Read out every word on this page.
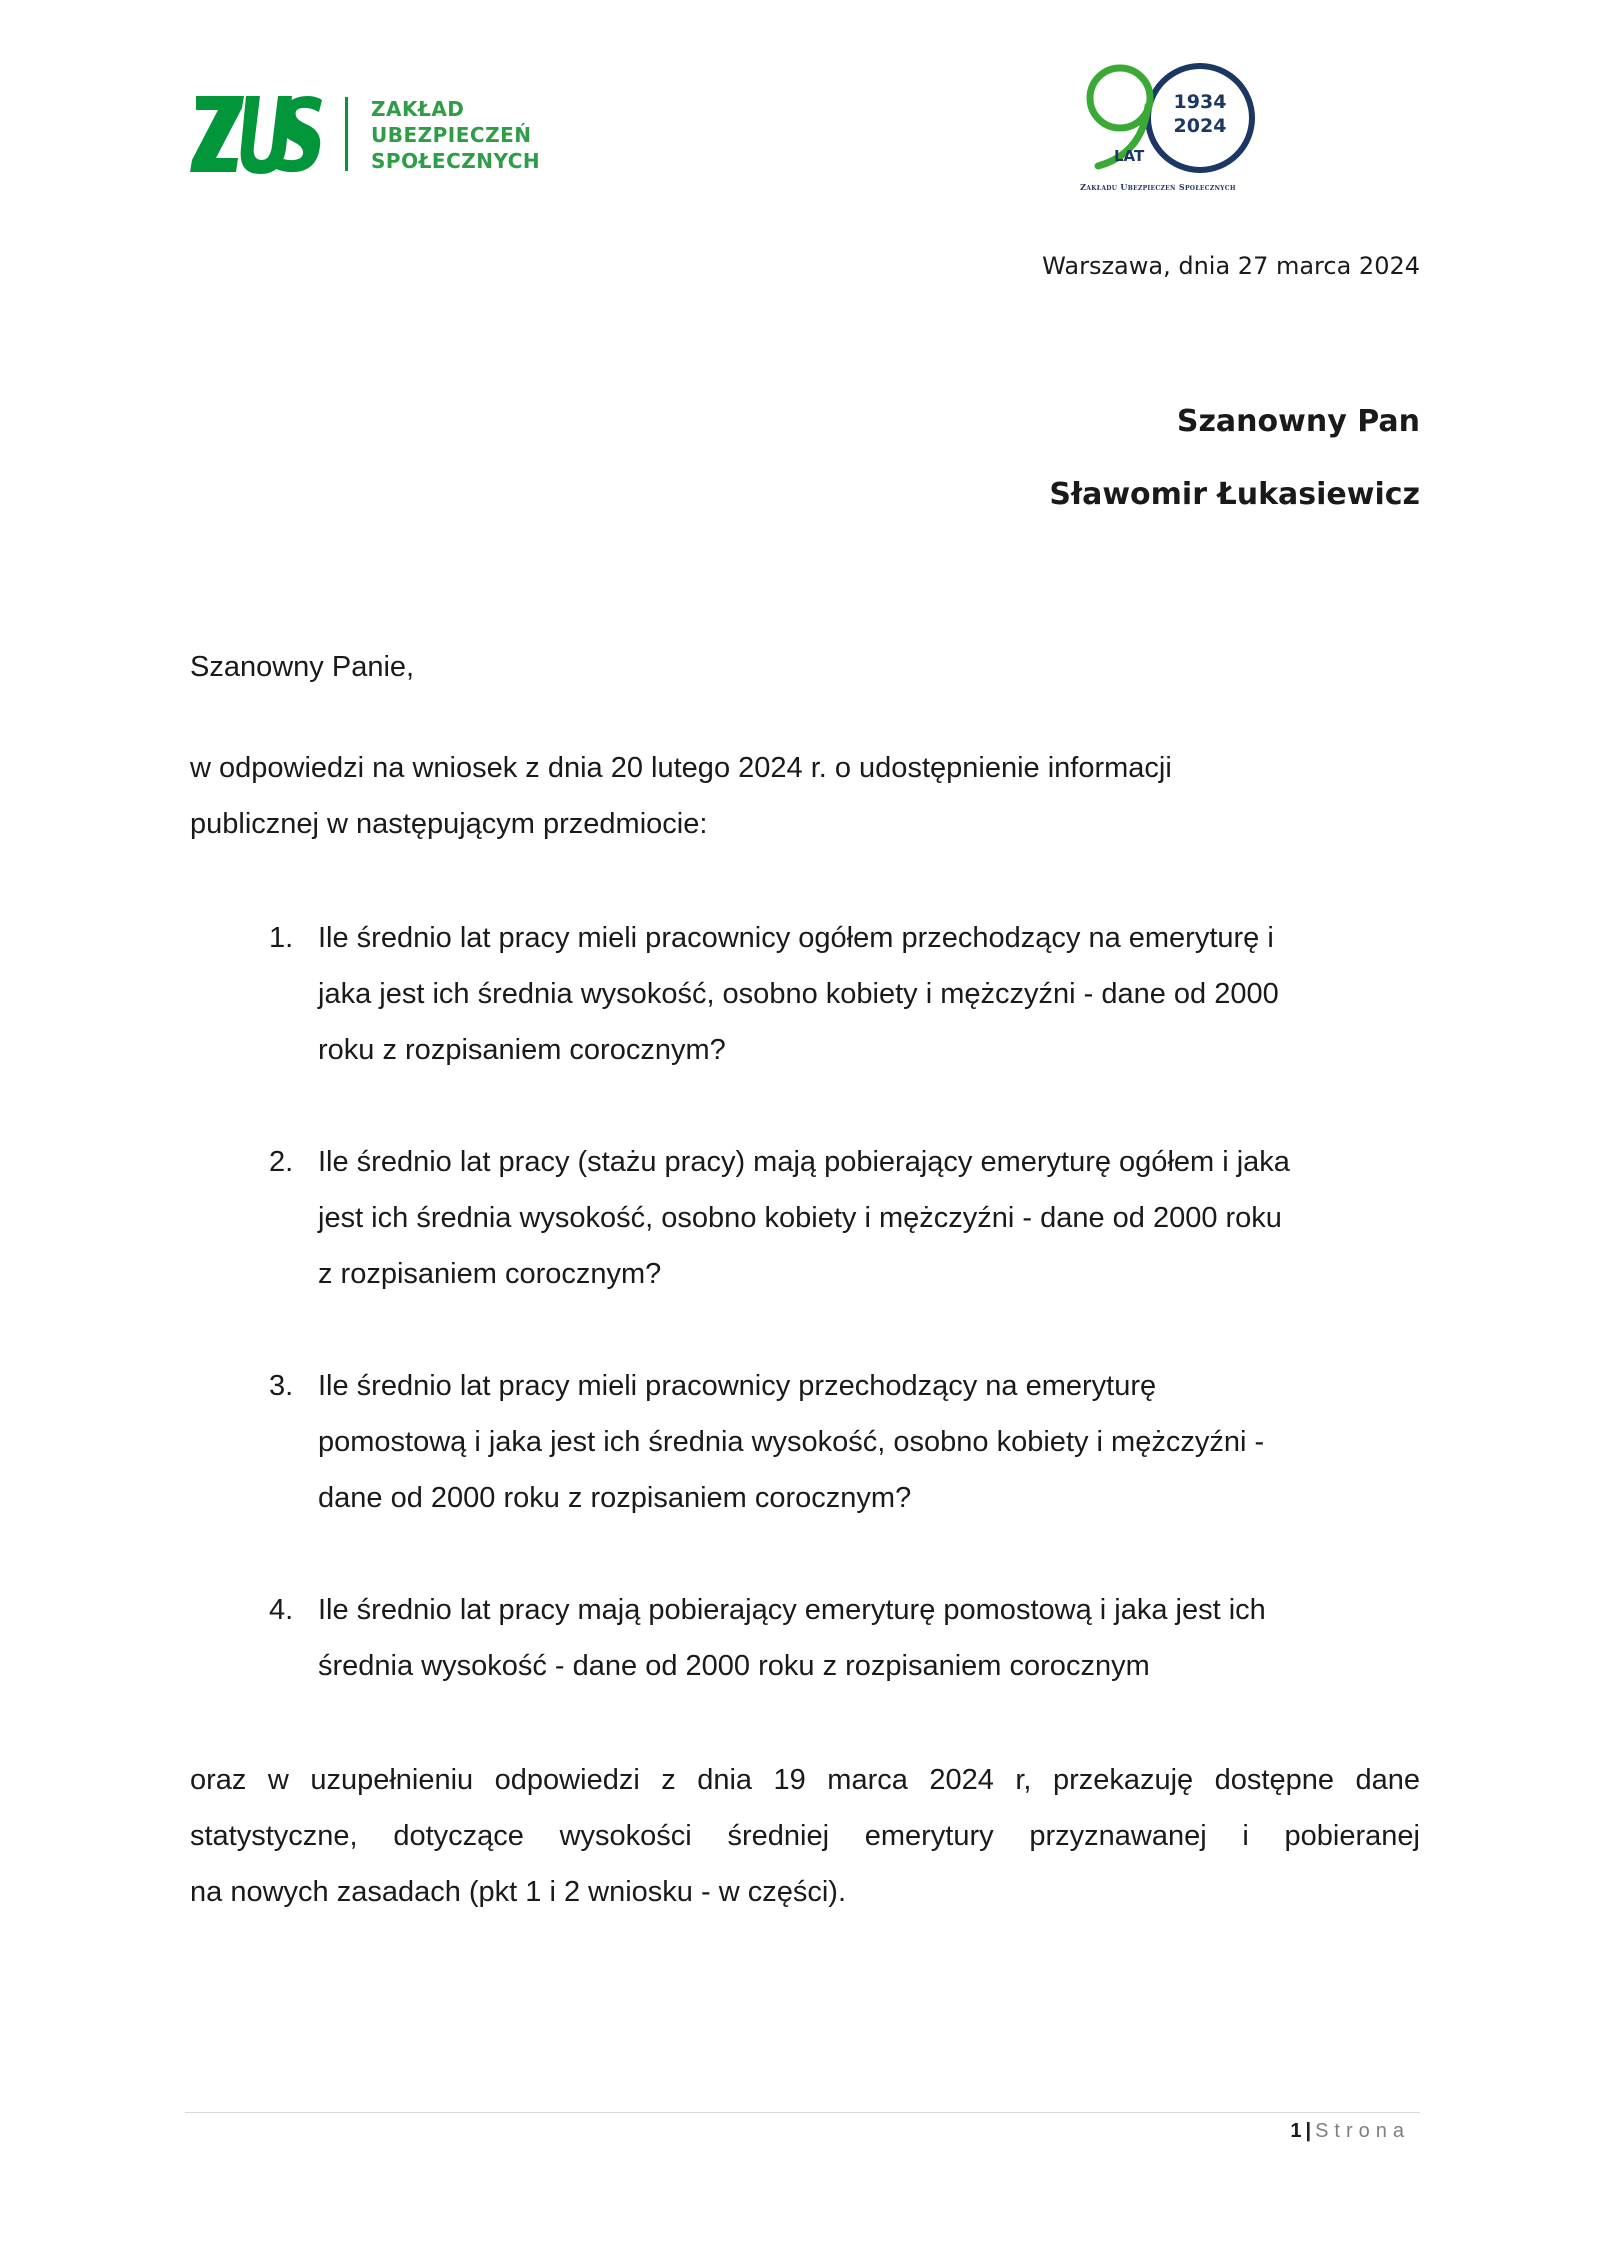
ZAKŁAD
UBEZPIECZEŃ
SPOŁECZNYCH
1934
2024
LAT
Zakładu Ubezpieczeń Społecznych
Warszawa, dnia 27 marca 2024
Szanowny Pan
Sławomir Łukasiewicz
Szanowny Panie,
w odpowiedzi na wniosek z dnia 20 lutego 2024 r. o udostępnienie informacji
publicznej w następującym przedmiocie:
1. Ile średnio lat pracy mieli pracownicy ogółem przechodzący na emeryturę i
jaka jest ich średnia wysokość, osobno kobiety i mężczyźni - dane od 2000
roku z rozpisaniem corocznym?
2. Ile średnio lat pracy (stażu pracy) mają pobierający emeryturę ogółem i jaka
jest ich średnia wysokość, osobno kobiety i mężczyźni - dane od 2000 roku
z rozpisaniem corocznym?
3. Ile średnio lat pracy mieli pracownicy przechodzący na emeryturę
pomostową i jaka jest ich średnia wysokość, osobno kobiety i mężczyźni -
dane od 2000 roku z rozpisaniem corocznym?
4. Ile średnio lat pracy mają pobierający emeryturę pomostową i jaka jest ich
średnia wysokość - dane od 2000 roku z rozpisaniem corocznym
oraz w uzupełnieniu odpowiedzi z dnia 19 marca 2024 r, przekazuję dostępne dane
statystyczne, dotyczące wysokości średniej emerytury przyznawanej i pobieranej
na nowych zasadach (pkt 1 i 2 wniosku - w części).
1 | Strona
